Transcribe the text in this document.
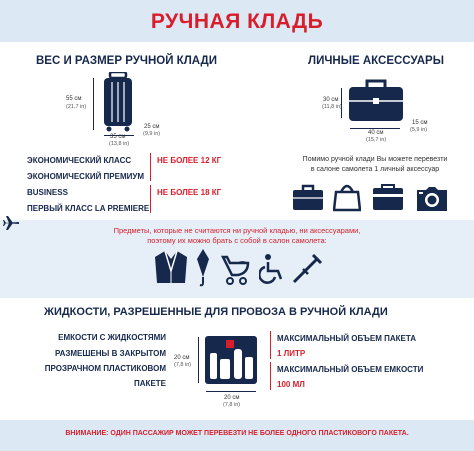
РУЧНАЯ КЛАДЬ
ВЕС И РАЗМЕР РУЧНОЙ КЛАДИ
55 см
(21,7 in)
35 см
(13,8 in)
25 см
(9,9 in)
ЭКОНОМИЧЕСКИЙ КЛАСС
ЭКОНОМИЧЕСКИЙ ПРЕМИУМ
BUSINESS
ПЕРВЫЙ КЛАСС LA PREMIERE
НЕ БОЛЕЕ 12 КГ
НЕ БОЛЕЕ 18 КГ
ЛИЧНЫЕ АКСЕССУАРЫ
30 см
(11,8 in)
40 см
(15,7 in)
15 см
(5,9 in)
Помимо ручной клади Вы можете перевезти
в салоне самолета 1 личный аксессуар
Предметы, которые не считаются ни ручной кладью, ни аксессуарами,
поэтому их можно брать с собой в салон самолета:
ЖИДКОСТИ, РАЗРЕШЕННЫЕ ДЛЯ ПРОВОЗА В РУЧНОЙ КЛАДИ
ЕМКОСТИ С ЖИДКОСТЯМИ
РАЗМЕШЕНЫ В ЗАКРЫТОМ
ПРОЗРАЧНОМ ПЛАСТИКОВОМ
ПАКЕТЕ
20 см
(7,8 in)
20 см
(7,8 in)
МАКСИМАЛЬНЫЙ ОБЪЕМ ПАКЕТА
1 ЛИТР
МАКСИМАЛЬНЫЙ ОБЪЕМ ЕМКОСТИ
100 МЛ
ВНИМАНИЕ: ОДИН ПАССАЖИР МОЖЕТ ПЕРЕВЕЗТИ НЕ БОЛЕЕ ОДНОГО ПЛАСТИКОВОГО ПАКЕТА.
